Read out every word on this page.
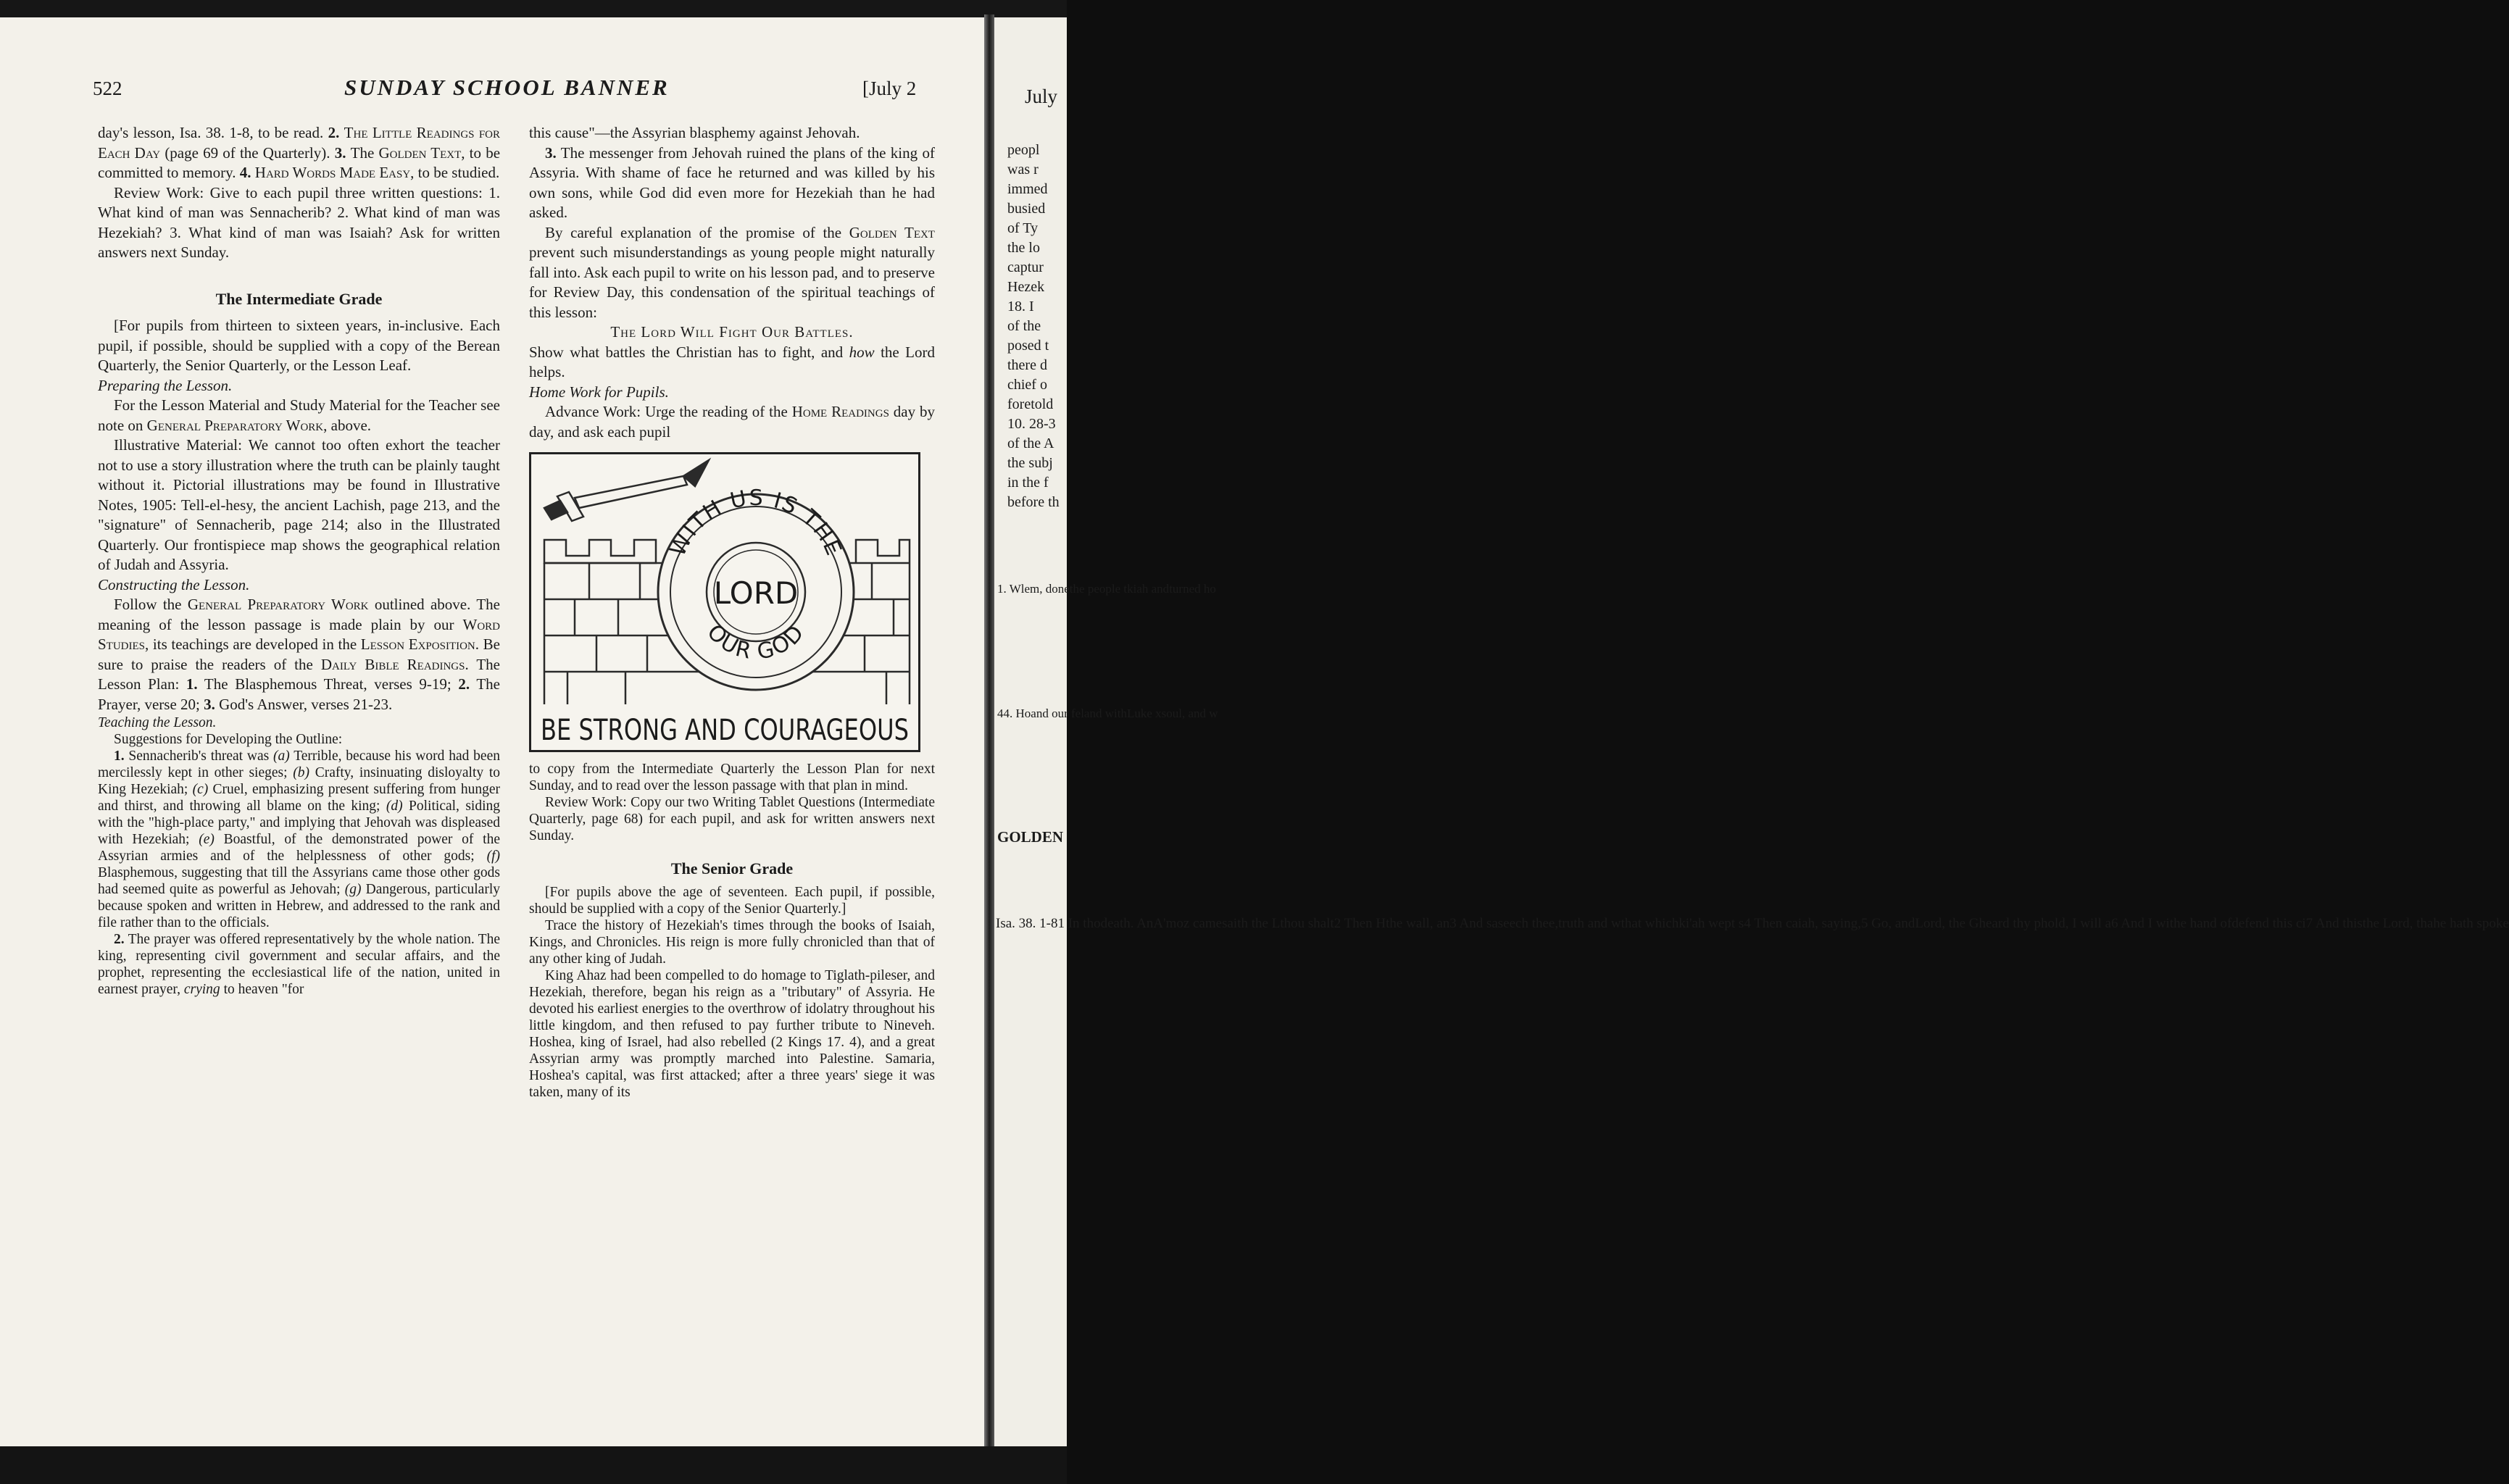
July
peopl
was r
immed
busied
of Ty
the lo
captur
Hezek
18. I
of the
posed t
there d
chief o
foretold
10. 28-3
of the A
the subj
in the f
before th
1. Wlem, donethe people tkiah andturned ho
44. Hoand our feland withLuke xsoul, and w
GOLDEN
Isa. 38. 1-81 In thodeath. AnA'moz camesaith the Lthou shalt2 Then Hthe wall, an3 And saseech thee,truth and wthat whichki'ah wept s4 Then caiah, saying,5 Go, andLord, the Gheard thy phold, I will a6 And I withe hand ofdefend this ci7 And thisthe Lord, thahe hath spoke
522	SUNDAY SCHOOL BANNER	[July 2

day's lesson, Isa. 38. 1-8, to be read. 2. The Little Readings for Each Day (page 69 of the Quarterly). 3. The Golden Text, to be committed to memory. 4. Hard Words Made Easy, to be studied.

Review Work: Give to each pupil three written questions: 1. What kind of man was Sennacherib? 2. What kind of man was Hezekiah? 3. What kind of man was Isaiah? Ask for written answers next Sunday.

The Intermediate Grade

[For pupils from thirteen to sixteen years, in-inclusive. Each pupil, if possible, should be supplied with a copy of the Berean Quarterly, the Senior Quarterly, or the Lesson Leaf.

Preparing the Lesson.

For the Lesson Material and Study Material for the Teacher see note on General Preparatory Work, above.

Illustrative Material: We cannot too often exhort the teacher not to use a story illustration where the truth can be plainly taught without it. Pictorial illustrations may be found in Illustrative Notes, 1905: Tell-el-hesy, the ancient Lachish, page 213, and the "signature" of Sennacherib, page 214; also in the Illustrated Quarterly. Our frontispiece map shows the geographical relation of Judah and Assyria.

Constructing the Lesson.

Follow the General Preparatory Work outlined above. The meaning of the lesson passage is made plain by our Word Studies, its teachings are developed in the Lesson Exposition. Be sure to praise the readers of the Daily Bible Readings. The Lesson Plan: 1. The Blasphemous Threat, verses 9-19; 2. The Prayer, verse 20; 3. God's Answer, verses 21-23.

Teaching the Lesson.

Suggestions for Developing the Outline:

1. Sennacherib's threat was (a) Terrible, because his word had been mercilessly kept in other sieges; (b) Crafty, insinuating disloyalty to King Hezekiah; (c) Cruel, emphasizing present suffering from hunger and thirst, and throwing all blame on the king; (d) Political, siding with the "high-place party," and implying that Jehovah was displeased with Hezekiah; (e) Boastful, of the demonstrated power of the Assyrian armies and of the helplessness of other gods; (f) Blasphemous, suggesting that till the Assyrians came those other gods had seemed quite as powerful as Jehovah; (g) Dangerous, particularly because spoken and written in Hebrew, and addressed to the rank and file rather than to the officials.

2. The prayer was offered representatively by the whole nation. The king, representing civil government and secular affairs, and the prophet, representing the ecclesiastical life of the nation, united in earnest prayer, crying to heaven "for

this cause"—the Assyrian blasphemy against Jehovah.

3. The messenger from Jehovah ruined the plans of the king of Assyria. With shame of face he returned and was killed by his own sons, while God did even more for Hezekiah than he had asked.

By careful explanation of the promise of the Golden Text prevent such misunderstandings as young people might naturally fall into. Ask each pupil to write on his lesson pad, and to preserve for Review Day, this condensation of the spiritual teachings of this lesson:

The Lord Will Fight Our Battles.

Show what battles the Christian has to fight, and how the Lord helps.

Home Work for Pupils.

Advance Work: Urge the reading of the Home Readings day by day, and ask each pupil

WITH US IS THE
LORD
OUR GOD
BE STRONG AND COURAGEOUS

to copy from the Intermediate Quarterly the Lesson Plan for next Sunday, and to read over the lesson passage with that plan in mind.

Review Work: Copy our two Writing Tablet Questions (Intermediate Quarterly, page 68) for each pupil, and ask for written answers next Sunday.

The Senior Grade

[For pupils above the age of seventeen. Each pupil, if possible, should be supplied with a copy of the Senior Quarterly.]

Trace the history of Hezekiah's times through the books of Isaiah, Kings, and Chronicles. His reign is more fully chronicled than that of any other king of Judah.

King Ahaz had been compelled to do homage to Tiglath-pileser, and Hezekiah, therefore, began his reign as a "tributary" of Assyria. He devoted his earliest energies to the overthrow of idolatry throughout his little kingdom, and then refused to pay further tribute to Nineveh. Hoshea, king of Israel, had also rebelled (2 Kings 17. 4), and a great Assyrian army was promptly marched into Palestine. Samaria, Hoshea's capital, was first attacked; after a three years' siege it was taken, many of its
